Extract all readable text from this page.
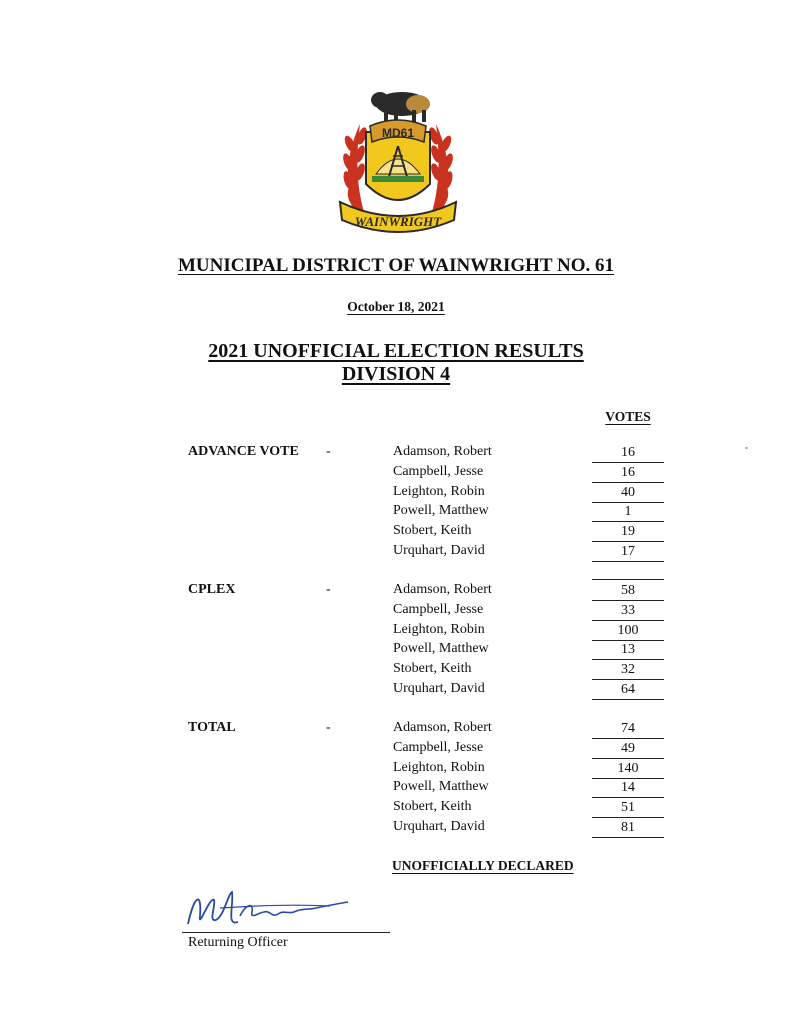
MD61
WAINWRIGHT
MUNICIPAL DISTRICT OF WAINWRIGHT NO. 61
October 18, 2021
2021 UNOFFICIAL ELECTION RESULTS
DIVISION 4
VOTES
ADVANCE VOTE -	Adamson, Robert	16
Campbell, Jesse	16
Leighton, Robin	40
Powell, Matthew	1
Stobert, Keith	19
Urquhart, David	17
CPLEX	-	Adamson, Robert	58
Campbell, Jesse	33
Leighton, Robin	100
Powell, Matthew	13
Stobert, Keith	32
Urquhart, David	64
TOTAL	-	Adamson, Robert	74
Campbell, Jesse	49
Leighton, Robin	140
Powell, Matthew	14
Stobert, Keith	51
Urquhart, David	81
UNOFFICIALLY DECLARED
Returning Officer
